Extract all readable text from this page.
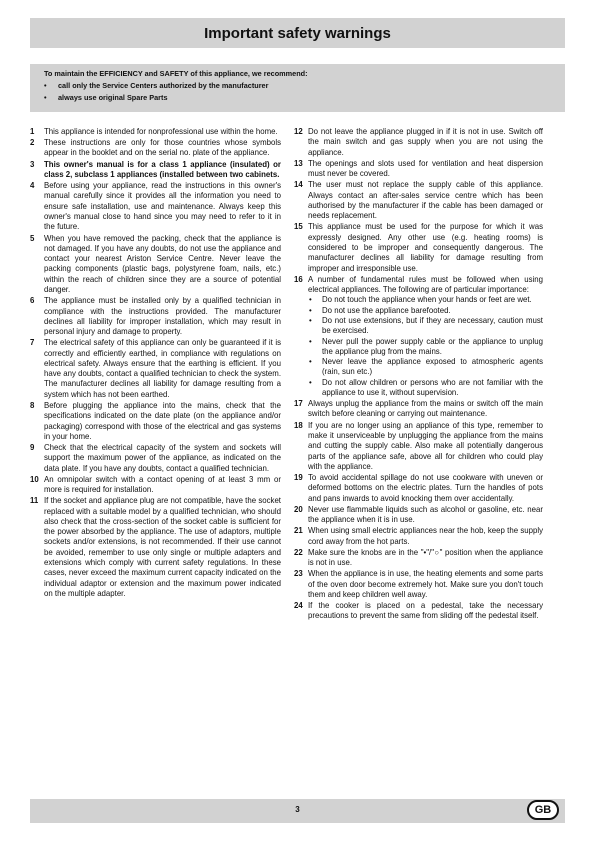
Important safety warnings
To maintain the EFFICIENCY and SAFETY of this appliance, we recommend:
• call only the Service Centers authorized by the manufacturer
• always use original Spare Parts
1	This appliance is intended for nonprofessional use within the home.
2	These instructions are only for those countries whose symbols appear in the booklet and on the serial no. plate of the appliance.
3	This owner's manual is for a class 1 appliance (insulated) or class 2, subclass 1 appliances (installed between two cabinets.
4	Before using your appliance, read the instructions in this owner's manual carefully since it provides all the information you need to ensure safe installation, use and maintenance. Always keep this owner's manual close to hand since you may need to refer to it in the future.
5	When you have removed the packing, check that the appliance is not damaged. If you have any doubts, do not use the appliance and contact your nearest Ariston Service Centre. Never leave the packing components (plastic bags, polystyrene foam, nails, etc.) within the reach of children since they are a source of potential danger.
6	The appliance must be installed only by a qualified technician in compliance with the instructions provided. The manufacturer declines all liability for improper installation, which may result in personal injury and damage to property.
7	The electrical safety of this appliance can only be guaranteed if it is correctly and efficiently earthed, in compliance with regulations on electrical safety. Always ensure that the earthing is efficient. If you have any doubts, contact a qualified technician to check the system. The manufacturer declines all liability for damage resulting from a system which has not been earthed.
8	Before plugging the appliance into the mains, check that the specifications indicated on the date plate (on the appliance and/or packaging) correspond with those of the electrical and gas systems in your home.
9	Check that the electrical capacity of the system and sockets will support the maximum power of the appliance, as indicated on the data plate. If you have any doubts, contact a qualified technician.
10 An omnipolar switch with a contact opening of at least 3 mm or more is required for installation.
11 If the socket and appliance plug are not compatible, have the socket replaced with a suitable model by a qualified technician, who should also check that the cross-section of the socket cable is sufficient for the power absorbed by the appliance. The use of adaptors, multiple sockets and/or extensions, is not recommended. If their use cannot be avoided, remember to use only single or multiple adapters and extensions which comply with current safety regulations. In these cases, never exceed the maximum current capacity indicated on the individual adaptor or extension and the maximum power indicated on the multiple adapter.
12 Do not leave the appliance plugged in if it is not in use. Switch off the main switch and gas supply when you are not using the appliance.
13 The openings and slots used for ventilation and heat dispersion must never be covered.
14 The user must not replace the supply cable of this appliance. Always contact an after-sales service centre which has been authorised by the manufacturer if the cable has been damaged or needs replacement.
15 This appliance must be used for the purpose for which it was expressly designed. Any other use (e.g. heating rooms) is considered to be improper and consequently dangerous. The manufacturer declines all liability for damage resulting from improper and irresponsible use.
16 A number of fundamental rules must be followed when using electrical appliances. The following are of particular importance:
•	Do not touch the appliance when your hands or feet are wet.
•	Do not use the appliance barefooted.
•	Do not use extensions, but if they are necessary, caution must be exercised.
•	Never pull the power supply cable or the appliance to unplug the appliance plug from the mains.
•	Never leave the appliance exposed to atmospheric agents (rain, sun etc.)
•	Do not allow children or persons who are not familiar with the appliance to use it, without supervision.
17 Always unplug the appliance from the mains or switch off the main switch before cleaning or carrying out maintenance.
18 If you are no longer using an appliance of this type, remember to make it unserviceable by unplugging the appliance from the mains and cutting the supply cable. Also make all potentially dangerous parts of the appliance safe, above all for children who could play with the appliance.
19 To avoid accidental spillage do not use cookware with uneven or deformed bottoms on the electric plates. Turn the handles of pots and pans inwards to avoid knocking them over accidentally.
20 Never use flammable liquids such as alcohol or gasoline, etc. near the appliance when it is in use.
21 When using small electric appliances near the hob, keep the supply cord away from the hot parts.
22 Make sure the knobs are in the "•"/"○" position when the appliance is not in use.
23 When the appliance is in use, the heating elements and some parts of the oven door become extremely hot. Make sure you don't touch them and keep children well away.
24 If the cooker is placed on a pedestal, take the necessary precautions to prevent the same from sliding off the pedestal itself.
3	GB
